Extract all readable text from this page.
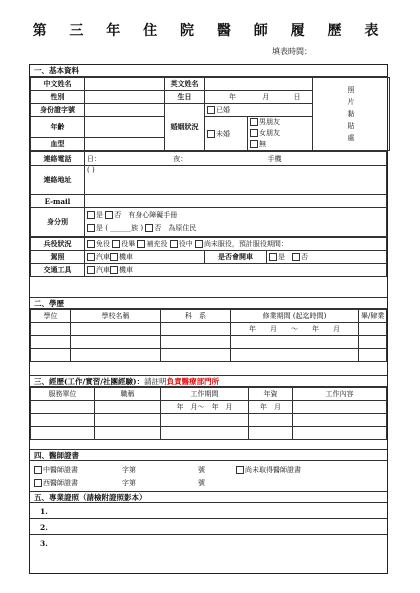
第 三 年 住 院 醫 師 履 歷 表
填表時間：
一、基本資料
中文姓名		英文姓名		照
片
黏
貼
處
性別		生日	年 月 日	
身份證字號		婚姻狀況	已婚	
年齡			未婚
男朋友
女朋友
無	

血型				
連絡電話	日： 夜： 手機
連絡地址	( )
E-mail	
身分別	是 否　 有身心障礙手冊
是 ( ______族 ) 否　 為原住民
兵役狀況	免役 役畢 補充役 役中 尚未服役，預計服役期間：		
駕照	汽車 機車	是否會開車	是　 否
交通工具	汽車 機車		
二、學歷
學位	學校名稱	科　系	修業期間 (起迄時間)	畢/肄業
			年　　月　　～　　年　　月	

三、經歷(工作/實習/社團經驗)：請註明負責醫療部門所
服務單位	職稱	工作期間	年資	工作內容
		年　月～　年　月	年　月	

四、醫師證書
中醫師證書	字第	號	尚未取得醫師證書
西醫師證書	字第	號
五、專業證照（請檢附證照影本）
1.
2.
3.
